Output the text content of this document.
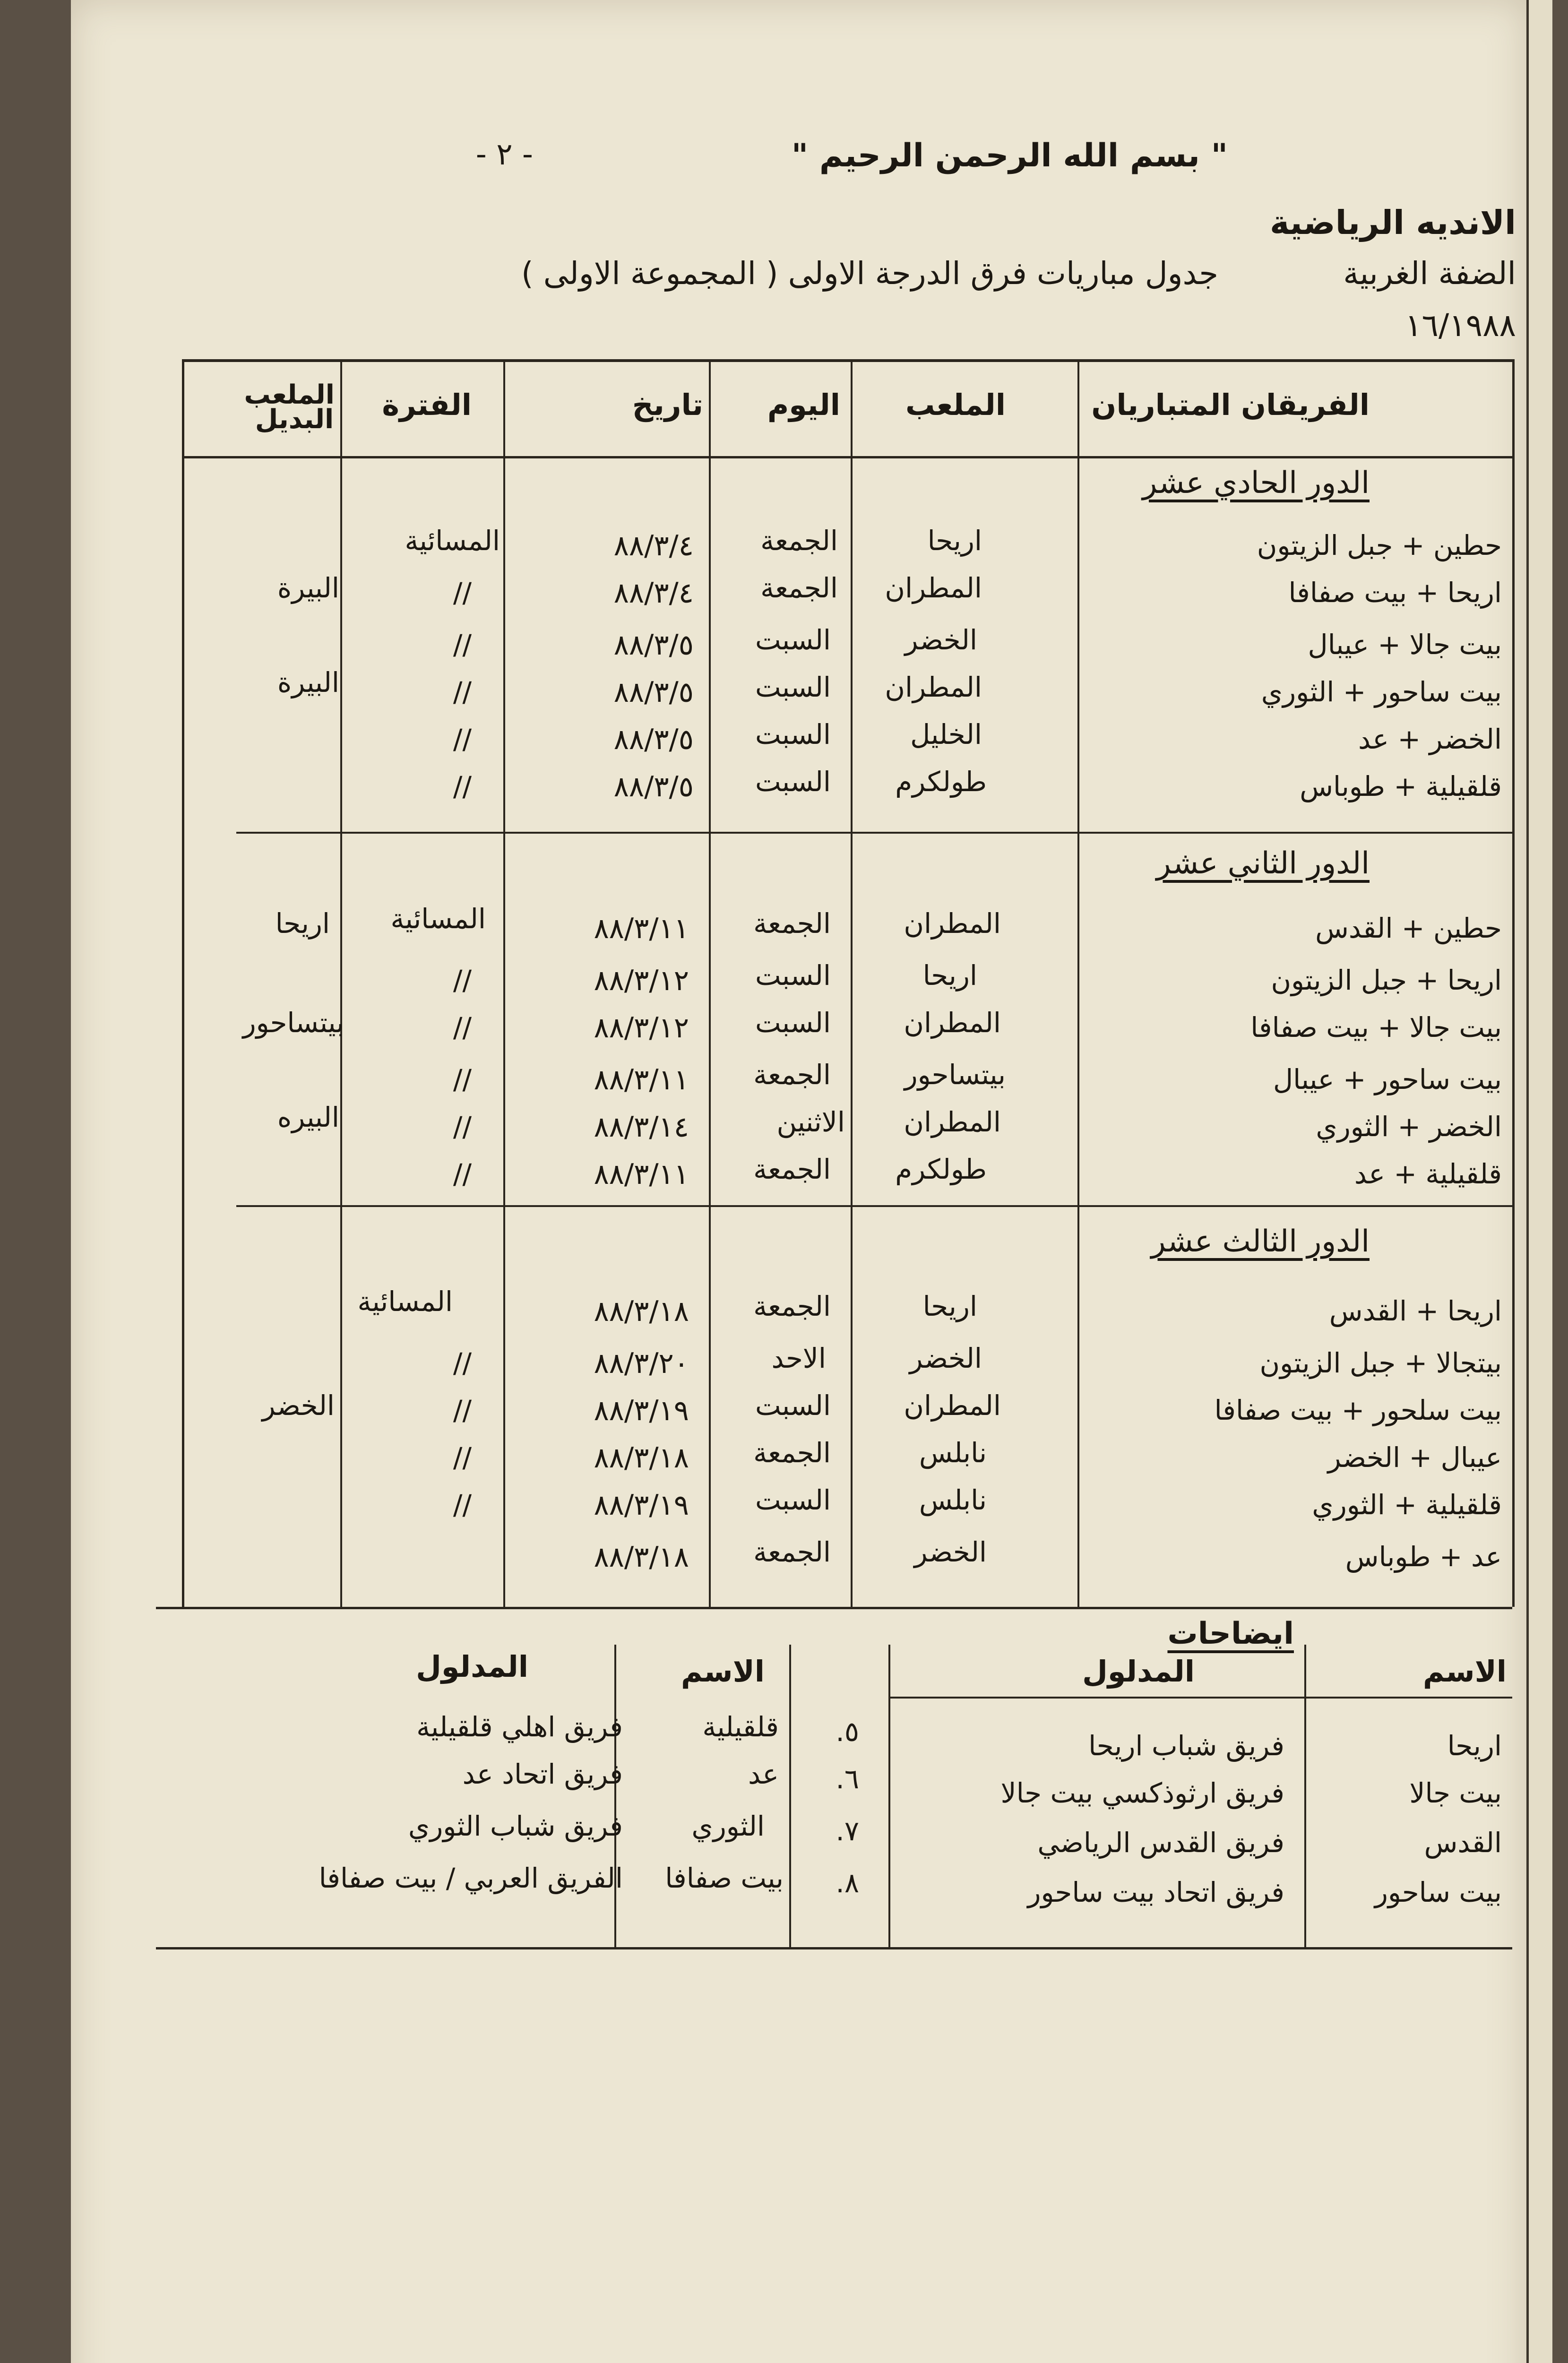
- ٢ -	" بسم الله الرحمن الرحيم "
الانديه الرياضية
الضفة الغربية
جدول مباريات فرق الدرجة الاولى ( المجموعة الاولى )
١٦/١٩٨٨
الفريقان المتباريان
الملعب
اليوم
تاريخ
الفترة
الملعب البديل
الدور الحادي عشر
حطين + جبل الزيتون
اريحا
الجمعة
٨٨/٣/٤
المسائية
اريحا + بيت صفافا
المطران
الجمعة
٨٨/٣/٤
//
البيرة
بيت جالا + عيبال
الخضر
السبت
٨٨/٣/٥
//
بيت ساحور + الثوري
المطران
السبت
٨٨/٣/٥
//
البيرة
الخضر + عد
الخليل
السبت
٨٨/٣/٥
//
قلقيلية + طوباس
طولكرم
السبت
٨٨/٣/٥
//
الدور الثاني عشر
حطين + القدس
المطران
الجمعة
٨٨/٣/١١
المسائية
اريحا
اريحا + جبل الزيتون
اريحا
السبت
٨٨/٣/١٢
//
بيت جالا + بيت صفافا
المطران
السبت
٨٨/٣/١٢
//
بيتساحور
بيت ساحور + عيبال
بيتساحور
الجمعة
٨٨/٣/١١
//
الخضر + الثوري
المطران
الاثنين
٨٨/٣/١٤
//
البيره
قلقيلية + عد
طولكرم
الجمعة
٨٨/٣/١١
//
الدور الثالث عشر
اريحا + القدس
اريحا
الجمعة
٨٨/٣/١٨
المسائية
بيتجالا + جبل الزيتون
الخضر
الاحد
٨٨/٣/٢٠
//
بيت سلحور + بيت صفافا
المطران
السبت
٨٨/٣/١٩
//
الخضر
عيبال + الخضر
نابلس
الجمعة
٨٨/٣/١٨
//
قلقيلية + الثوري
نابلس
السبت
٨٨/٣/١٩
//
عد + طوباس
الخضر
الجمعة
٨٨/٣/١٨
ايضاحات
الاسم
المدلول
الاسم
المدلول
اريحا
فريق شباب اريحا
بيت جالا
فريق ارثوذكسي بيت جالا
القدس
فريق القدس الرياضي
بيت ساحور
فريق اتحاد بيت ساحور
٥.
قلقيلية
فريق اهلي قلقيلية
٦.
عد
فريق اتحاد عد
٧.
الثوري
فريق شباب الثوري
٨.
بيت صفافا
الفريق العربي / بيت صفافا
